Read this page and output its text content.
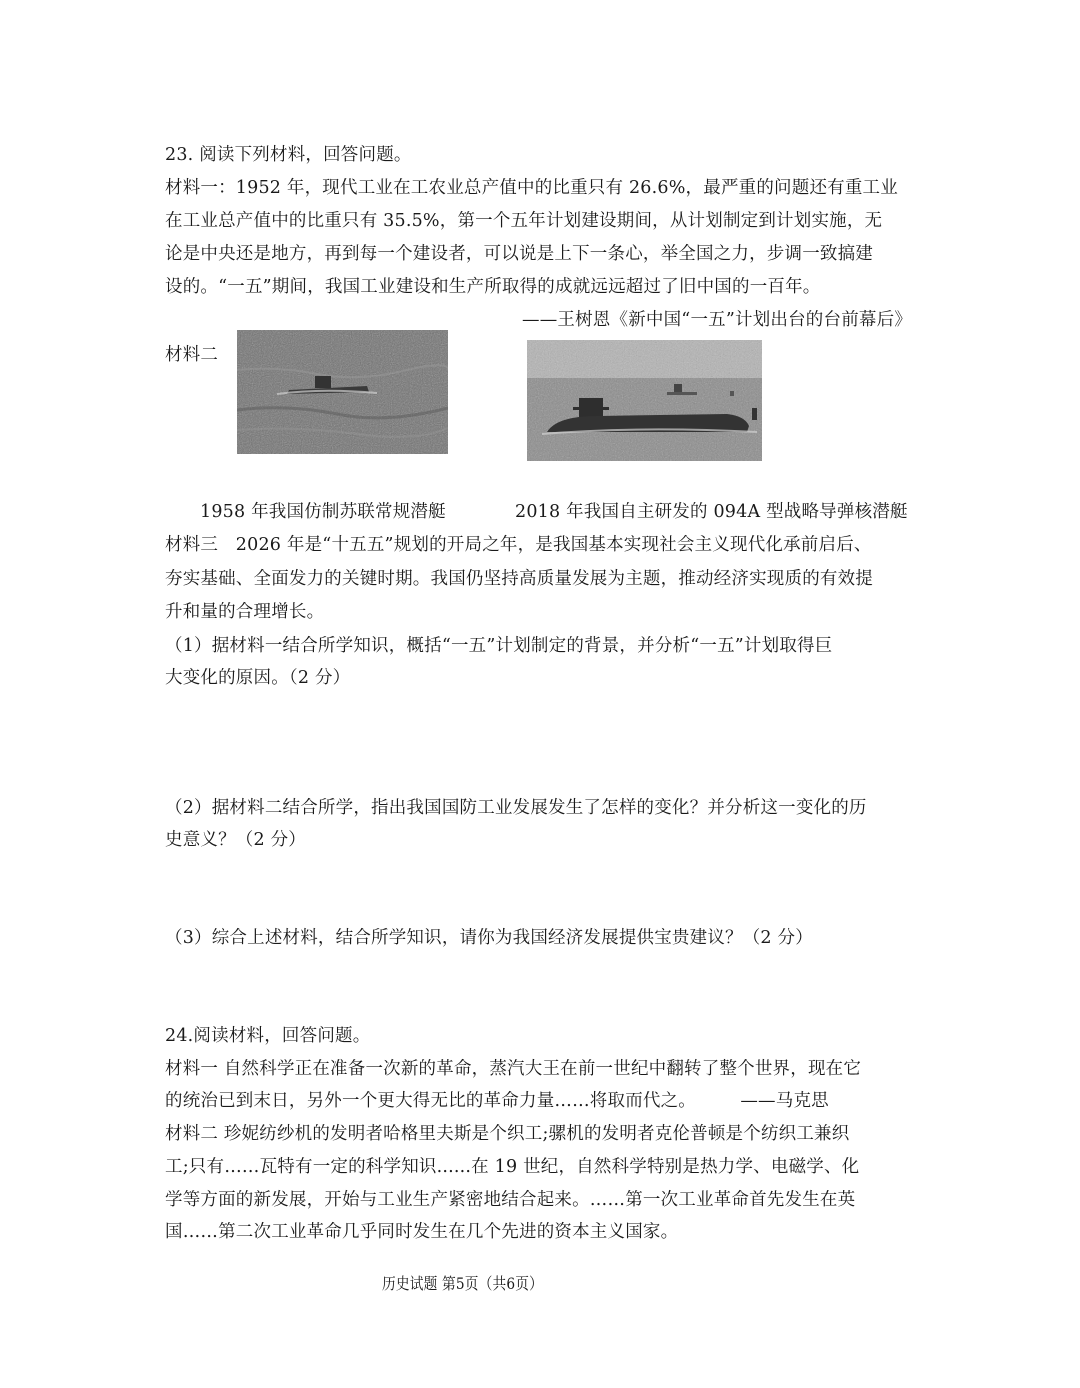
23. 阅读下列材料，回答问题。
材料一：1952 年，现代工业在工农业总产值中的比重只有 26.6%，最严重的问题还有重工业
在工业总产值中的比重只有 35.5%，第一个五年计划建设期间，从计划制定到计划实施，无
论是中央还是地方，再到每一个建设者，可以说是上下一条心，举全国之力，步调一致搞建
设的。“一五”期间，我国工业建设和生产所取得的成就远远超过了旧中国的一百年。
——王树恩《新中国“一五”计划出台的台前幕后》
材料二
1958 年我国仿制苏联常规潜艇	2018 年我国自主研发的 094A 型战略导弹核潜艇
材料三　2026 年是“十五五”规划的开局之年，是我国基本实现社会主义现代化承前启后、
夯实基础、全面发力的关键时期。我国仍坚持高质量发展为主题，推动经济实现质的有效提
升和量的合理增长。
（1）据材料一结合所学知识，概括“一五”计划制定的背景，并分析“一五”计划取得巨
大变化的原因。（2 分）
（2）据材料二结合所学，指出我国国防工业发展发生了怎样的变化？并分析这一变化的历
史意义？（2 分）
（3）综合上述材料，结合所学知识，请你为我国经济发展提供宝贵建议？（2 分）
24.阅读材料，回答问题。
材料一 自然科学正在准备一次新的革命，蒸汽大王在前一世纪中翻转了整个世界，现在它
的统治已到末日，另外一个更大得无比的革命力量……将取而代之。　　　——马克思
材料二 珍妮纺纱机的发明者哈格里夫斯是个织工;骡机的发明者克伦普顿是个纺织工兼织
工;只有……瓦特有一定的科学知识......在 19 世纪，自然科学特别是热力学、电磁学、化
学等方面的新发展，开始与工业生产紧密地结合起来。……第一次工业革命首先发生在英
国……第二次工业革命几乎同时发生在几个先进的资本主义国家。
历史试题 第5页（共6页）
